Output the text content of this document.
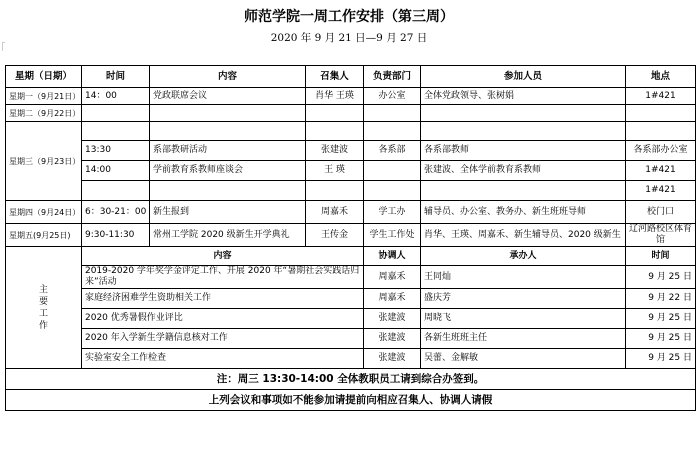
师范学院一周工作安排（第三周）
2020 年 9 月 21 日—9 月 27 日
星期（日期）	时间	内容	召集人	负责部门	参加人员	地点
星期一（9月21日）	14：00	党政联席会议	肖华 王瑛	办公室	全体党政领导、张树娟	1#421
星期二（9月22日）						
星期三（9月23日）						
	13:30	系部教研活动	张建波	各系部	各系部教师	各系部办公室
	14:00	学前教育系教师座谈会	王 瑛		张建波、全体学前教育系教师	1#421
						1#421
星期四（9月24日）	6：30-21：00	新生报到	周嘉禾	学工办	辅导员、办公室、教务办、新生班班导师	校门口
星期五(9月25日)	9:30-11:30	常州工学院 2020 级新生开学典礼	王传金	学生工作处	肖华、王瑛、周嘉禾、新生辅导员、2020 级新生	辽河路校区体育馆

主要工作	内容			协调人	承办人	时间
	2019-2020 学年奖学金评定工作、开展 2020 年“暑期社会实践话归来”活动			周嘉禾	王同灿	9 月 25 日
	家庭经济困难学生资助相关工作			周嘉禾	盛庆芳	9 月 22 日
	2020 优秀暑假作业评比			张建波	周晓飞	9 月 25 日
	2020 年入学新生学籍信息核对工作			张建波	各新生班班主任	9 月 25 日
	实验室安全工作检查			张建波	吴蕾、金解敏	9 月 25 日
注：周三 13:30-14:00 全体教职员工请到综合办签到。						
上列会议和事项如不能参加请提前向相应召集人、协调人请假						
